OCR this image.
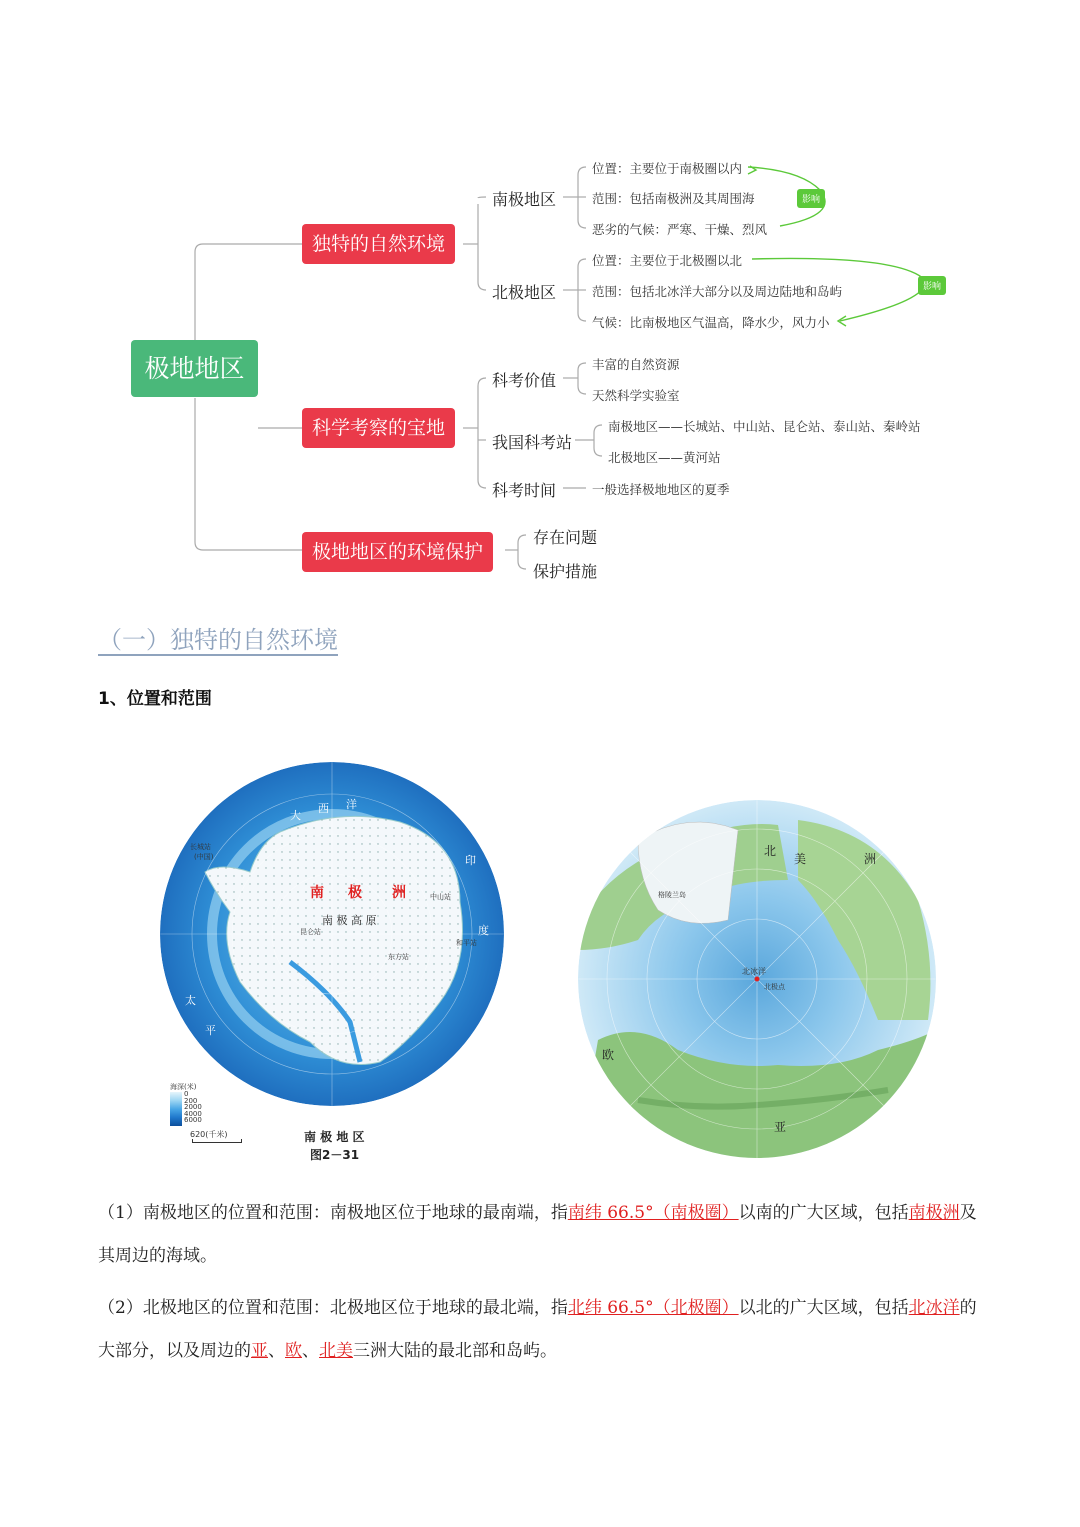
极地地区
独特的自然环境
科学考察的宝地
极地地区的环境保护
南极地区
北极地区
科考价值
我国科考站
科考时间
存在问题
保护措施
位置：主要位于南极圈以内
范围：包括南极洲及其周围海
恶劣的气候：严寒、干燥、烈风
位置：主要位于北极圈以北
范围：包括北冰洋大部分以及周边陆地和岛屿
气候：比南极地区气温高，降水少，风力小
丰富的自然资源
天然科学实验室
南极地区——长城站、中山站、昆仑站、泰山站、秦岭站
北极地区——黄河站
一般选择极地地区的夏季
影响
影响
（一）独特的自然环境
1、位置和范围
南 极 洲
南 极 高 原
长城站
(中国)
中山站
东方站
昆仑站
和平站
大
西 洋
印
度
太
平
海深(米)
0
200
2000
4000
6000
620(千米)	南 极 地 区
图2－31
北
美	洲
亚
欧
北冰洋
格陵兰岛
北极点
（1）南极地区的位置和范围：南极地区位于地球的最南端，指南纬 66.5°（南极圈）以南的广大区域，包括南极洲及其周边的海域。
（2）北极地区的位置和范围：北极地区位于地球的最北端，指北纬 66.5°（北极圈）以北的广大区域，包括北冰洋的大部分，以及周边的亚、欧、北美三洲大陆的最北部和岛屿。
